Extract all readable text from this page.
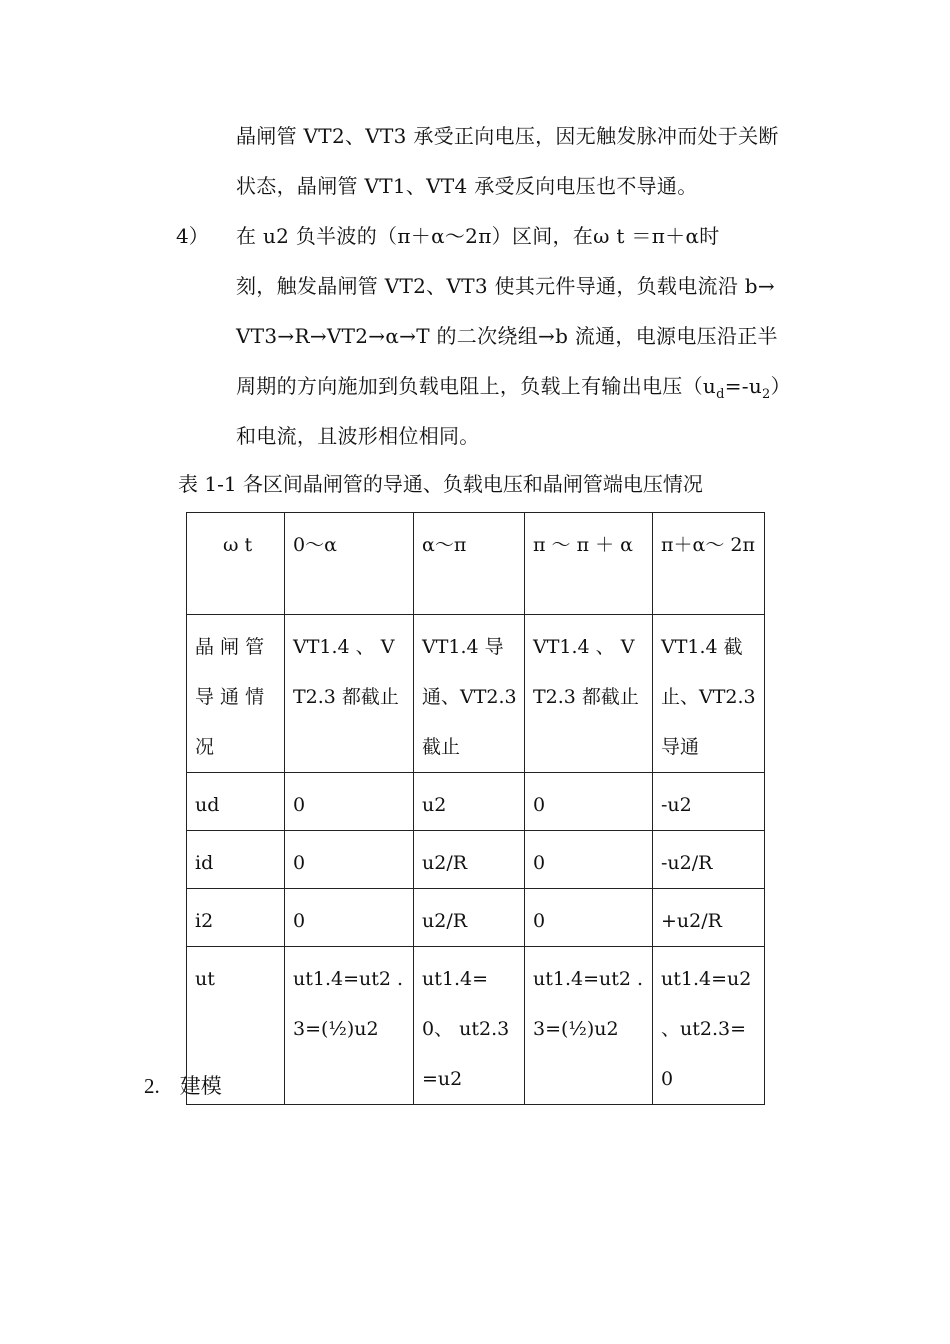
晶闸管 VT2、VT3 承受正向电压，因无触发脉冲而处于关断
状态，晶闸管 VT1、VT4 承受反向电压也不导通。
4） 在 u2 负半波的（π＋α～2π）区间，在ω t ＝π＋α时
刻，触发晶闸管 VT2、VT3 使其元件导通，负载电流沿 b→
VT3→R→VT2→α→T 的二次绕组→b 流通，电源电压沿正半
周期的方向施加到负载电阻上，负载上有输出电压$(u_d=-u_2)$
和电流，且波形相位相同。
表 1-1 各区间晶闸管的导通、负载电压和晶闸管端电压情况
ω t	0～α	α～π	π ～ π ＋ α	π＋α～ 2π
晶 闸 管 导 通 情 况	VT1.4 、 VT2.3 都截止	VT1.4 导 通、VT2.3 截止	VT1.4 、 VT2.3 都截止	VT1.4 截 止、VT2.3 导通
ud	0	u2	0	-u2
id	0	u2/R	0	-u2/R
i2	0	u2/R	0	+u2/R
ut	ut1.4=ut2 .3=(½)u2	ut1.4=0、 ut2.3=u2	ut1.4=ut2 .3=(½)u2	ut1.4=u2 、ut2.3=0
2. 建模
